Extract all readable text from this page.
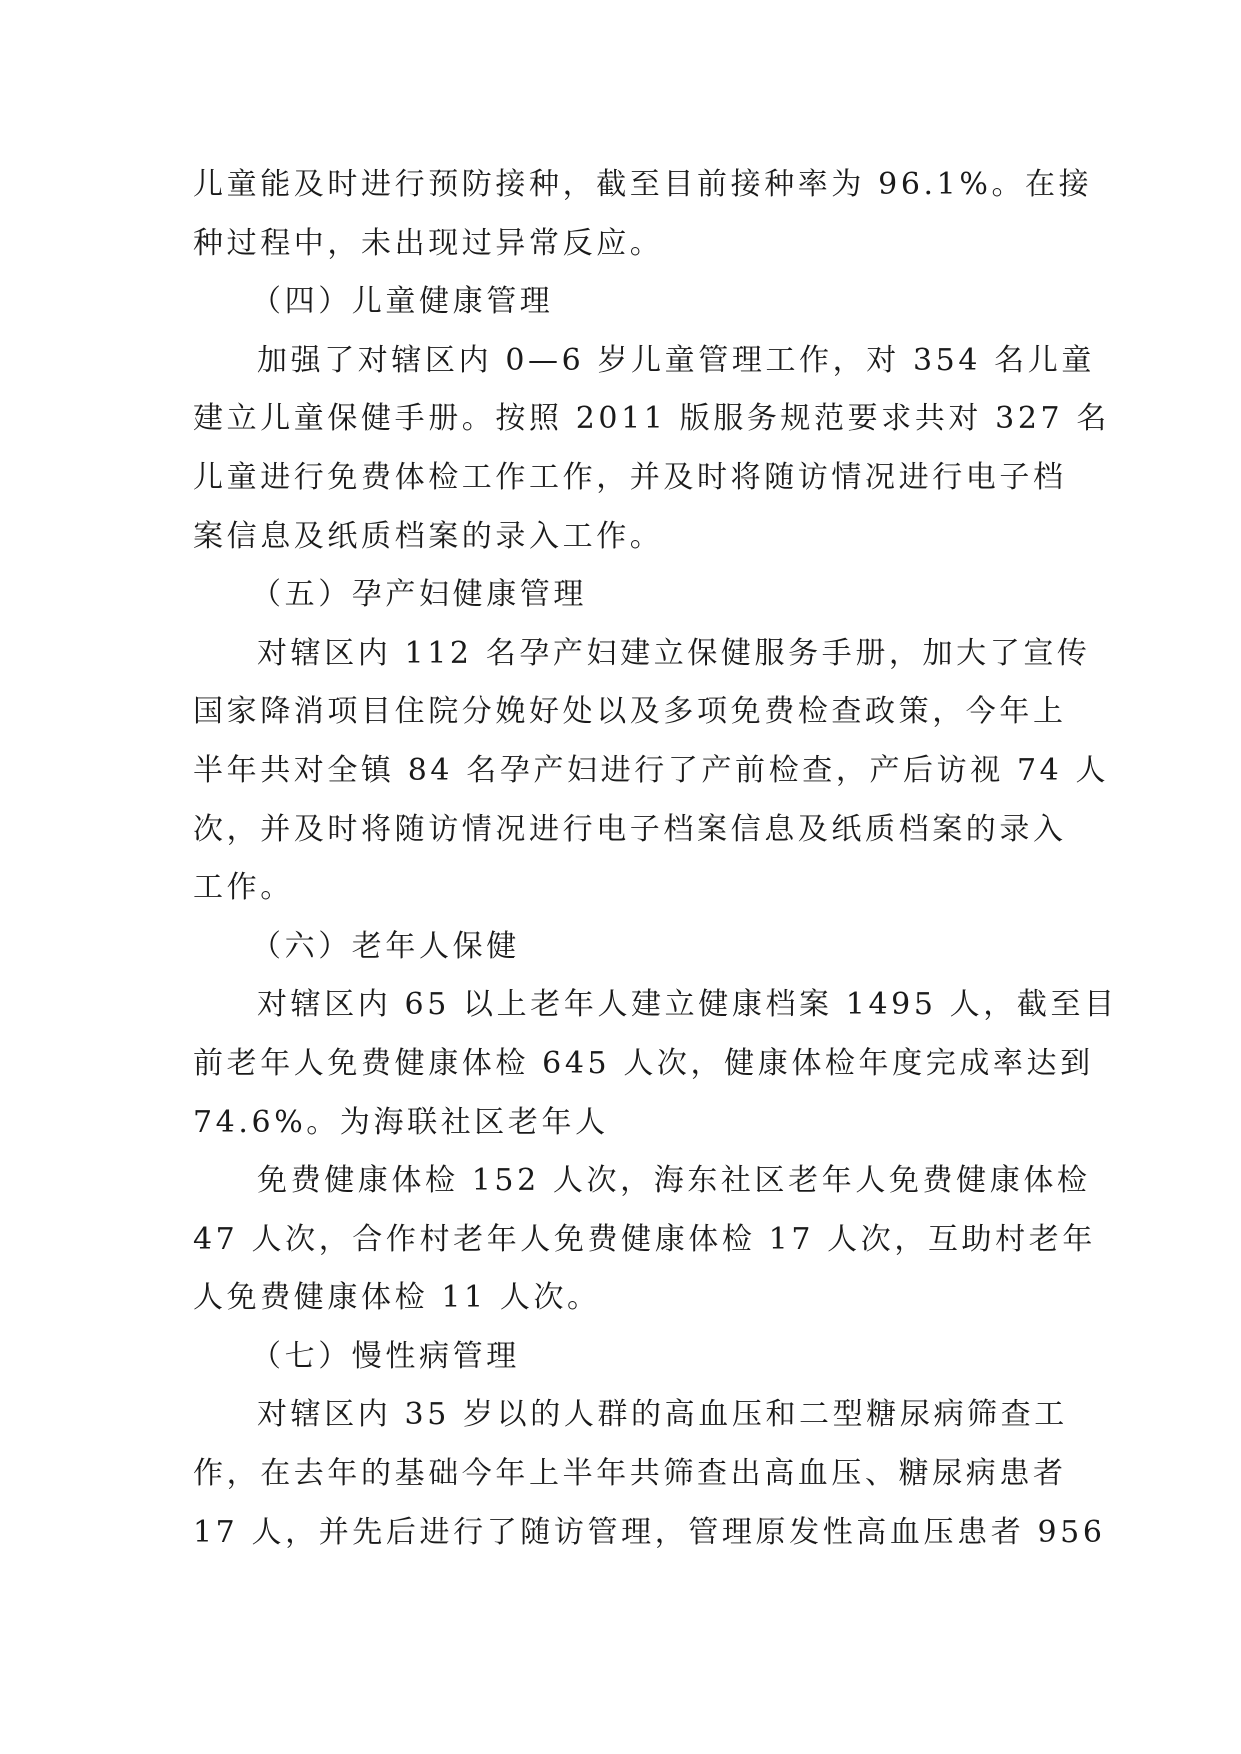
儿童能及时进行预防接种，截至目前接种率为 96.1%。在接
种过程中，未出现过异常反应。
（四）儿童健康管理
加强了对辖区内 0—6 岁儿童管理工作，对 354 名儿童
建立儿童保健手册。按照 2011 版服务规范要求共对 327 名
儿童进行免费体检工作工作，并及时将随访情况进行电子档
案信息及纸质档案的录入工作。
（五）孕产妇健康管理
对辖区内 112 名孕产妇建立保健服务手册，加大了宣传
国家降消项目住院分娩好处以及多项免费检查政策，今年上
半年共对全镇 84 名孕产妇进行了产前检查，产后访视 74 人
次，并及时将随访情况进行电子档案信息及纸质档案的录入
工作。
（六）老年人保健
对辖区内 65 以上老年人建立健康档案 1495 人，截至目
前老年人免费健康体检 645 人次，健康体检年度完成率达到
74.6%。为海联社区老年人
免费健康体检 152 人次，海东社区老年人免费健康体检
47 人次，合作村老年人免费健康体检 17 人次，互助村老年
人免费健康体检 11 人次。
（七）慢性病管理
对辖区内 35 岁以的人群的高血压和二型糖尿病筛查工
作，在去年的基础今年上半年共筛查出高血压、糖尿病患者
17 人，并先后进行了随访管理，管理原发性高血压患者 956
